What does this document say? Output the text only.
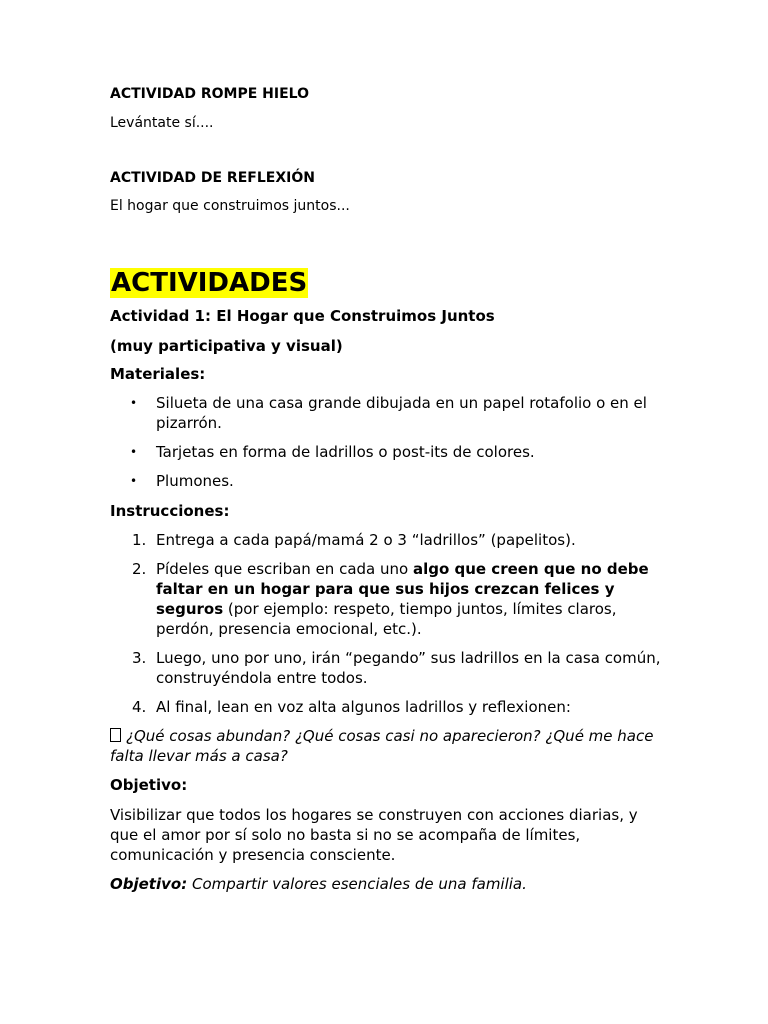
ACTIVIDAD ROMPE HIELO

Levántate sí....

ACTIVIDAD DE REFLEXIÓN

El hogar que construimos juntos...

ACTIVIDADES

Actividad 1: El Hogar que Construimos Juntos

(muy participativa y visual)

Materiales:

• Silueta de una casa grande dibujada en un papel rotafolio o en el pizarrón.
• Tarjetas en forma de ladrillos o post-its de colores.
• Plumones.

Instrucciones:

1. Entrega a cada papá/mamá 2 o 3 “ladrillos” (papelitos).
2. Pídeles que escriban en cada uno algo que creen que no debe faltar en un hogar para que sus hijos crezcan felices y seguros (por ejemplo: respeto, tiempo juntos, límites claros, perdón, presencia emocional, etc.).
3. Luego, uno por uno, irán “pegando” sus ladrillos en la casa común, construyéndola entre todos.
4. Al final, lean en voz alta algunos ladrillos y reflexionen:

¿Qué cosas abundan? ¿Qué cosas casi no aparecieron? ¿Qué me hace falta llevar más a casa?

Objetivo:

Visibilizar que todos los hogares se construyen con acciones diarias, y que el amor por sí solo no basta si no se acompaña de límites, comunicación y presencia consciente.

Objetivo: Compartir valores esenciales de una familia.
